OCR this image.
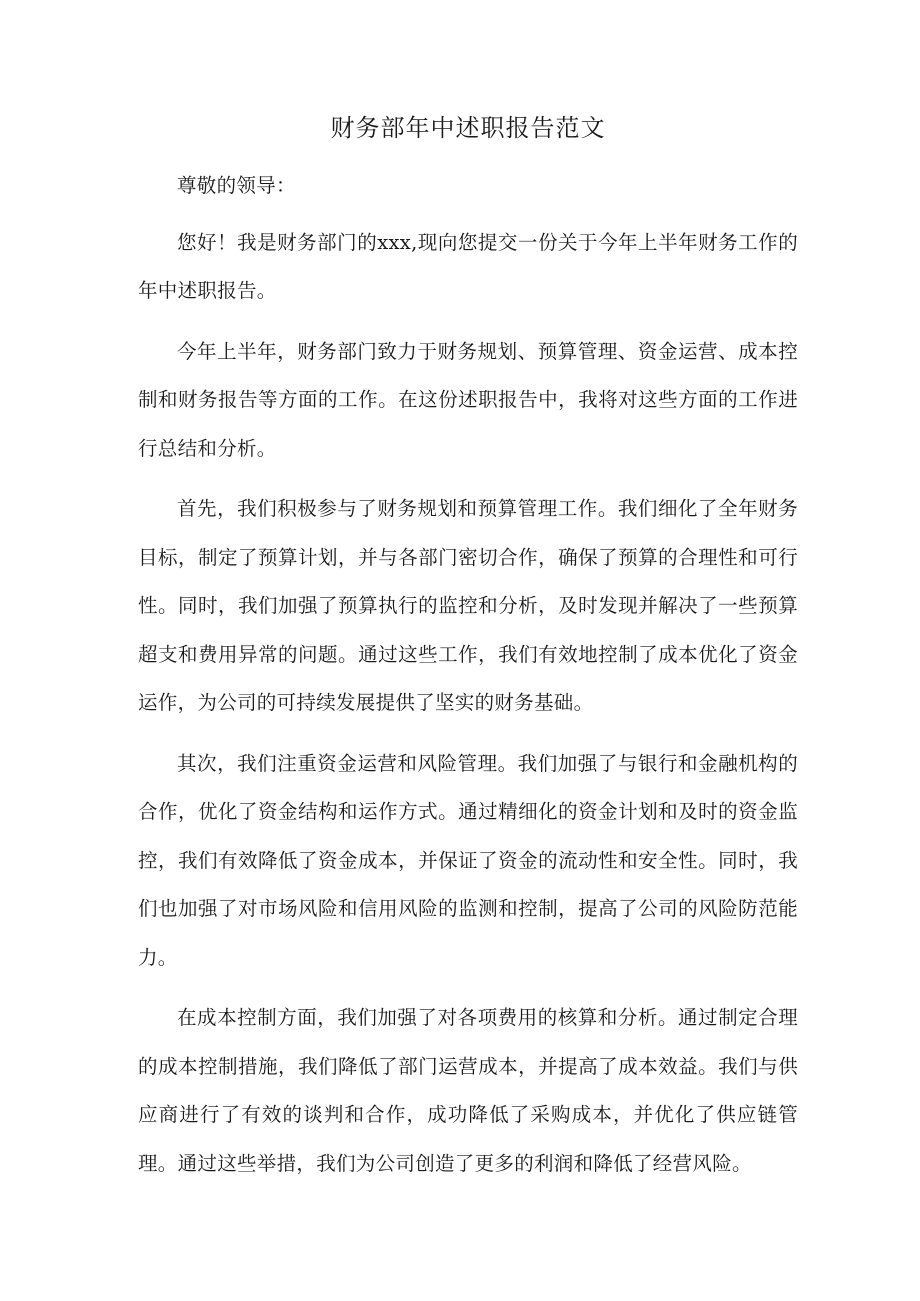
财务部年中述职报告范文

尊敬的领导：

您好！我是财务部门的xxx,现向您提交一份关于今年上半年财务工作的年中述职报告。

今年上半年，财务部门致力于财务规划、预算管理、资金运营、成本控制和财务报告等方面的工作。在这份述职报告中，我将对这些方面的工作进行总结和分析。

首先，我们积极参与了财务规划和预算管理工作。我们细化了全年财务目标，制定了预算计划，并与各部门密切合作，确保了预算的合理性和可行性。同时，我们加强了预算执行的监控和分析，及时发现并解决了一些预算超支和费用异常的问题。通过这些工作，我们有效地控制了成本优化了资金运作，为公司的可持续发展提供了坚实的财务基础。

其次，我们注重资金运营和风险管理。我们加强了与银行和金融机构的合作，优化了资金结构和运作方式。通过精细化的资金计划和及时的资金监控，我们有效降低了资金成本，并保证了资金的流动性和安全性。同时，我们也加强了对市场风险和信用风险的监测和控制，提高了公司的风险防范能力。

在成本控制方面，我们加强了对各项费用的核算和分析。通过制定合理的成本控制措施，我们降低了部门运营成本，并提高了成本效益。我们与供应商进行了有效的谈判和合作，成功降低了采购成本，并优化了供应链管理。通过这些举措，我们为公司创造了更多的利润和降低了经营风险。
